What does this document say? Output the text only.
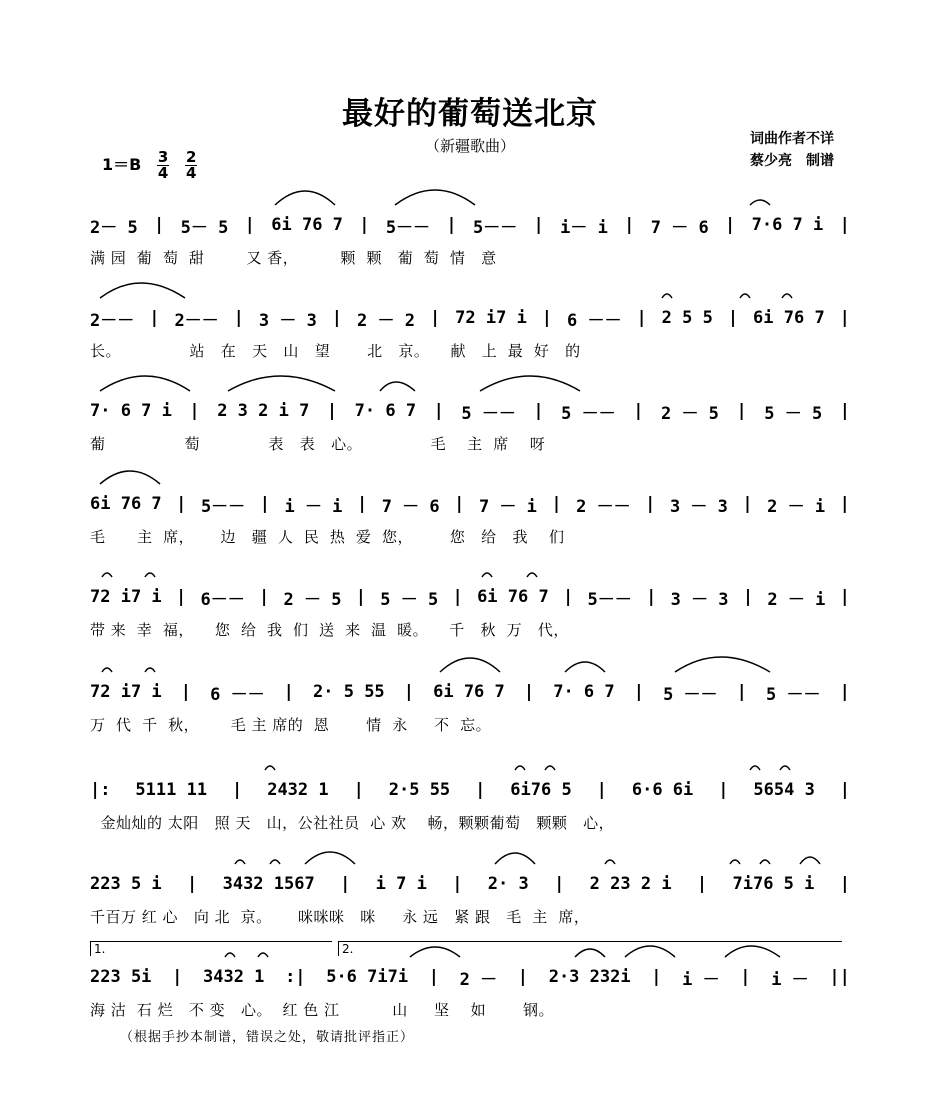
最好的葡萄送北京
（新疆歌曲）
$1=B \frac{3}{4}$
$\frac{2}{4}$
词曲作者不详
蔡少亮　制谱
2－ 5 | 5－ 5 | 6i 76 7 | 5－－ | 5－－ | i－ i | 7 － 6 | 7·6 7 i |
满 园  葡  萄  甜        又 香，        颗  颗   葡  萄  情   意
2－－ | 2－－ | 3 － 3 | 2 － 2 | 72 i7 i | 6 －－ | 2 5 5 | 6i 76 7 |
长。             站   在   天   山   望       北   京。    献   上  最  好   的
7· 6 7 i | 2 3 2 i 7 | 7· 6 7 | 5 －－ | 5 －－ | 2 － 5 | 5 － 5 |
葡               萄             表   表   心。             毛    主  席    呀
6i 76 7 | 5－－ | i － i | 7 － 6 | 7 － i | 2 －－ | 3 － 3 | 2 － i |
毛      主  席，     边   疆  人  民  热  爱  您，       您   给   我    们
72 i7 i | 6－－ | 2 － 5 | 5 － 5 | 6i 76 7 | 5－－ | 3 － 3 | 2 － i |
带 来  幸  福，    您  给  我  们  送  来  温  暖。    千   秋  万   代，
72 i7 i | 6 －－ | 2· 5 55 | 6i 76 7 | 7· 6 7 | 5 －－ | 5 －－ |
万  代  千  秋，      毛 主 席的  恩       情  永     不  忘。
|: 5111 11 | 2432 1 | 2·5 55 | 6i76 5 | 6·6 6i | 5654 3 |
金灿灿的 太阳   照 天   山，公社社员  心 欢    畅，颗颗葡萄   颗颗   心，
223 5 i | 3432 1567 | i 7 i | 2· 3 | 2 23 2 i | 7i76 5 i |
千百万 红 心   向 北  京。     咪咪咪   咪     永 远   紧 跟   毛  主  席，
1.	2.
223 5i | 3432 1 :| 5·6 7i7i | 2 － | 2·3 232i | i － | i － ||
海 沽  石 烂   不 变   心。  红 色 江          山     坚    如       钢。
（根据手抄本制谱，错误之处，敬请批评指正）
